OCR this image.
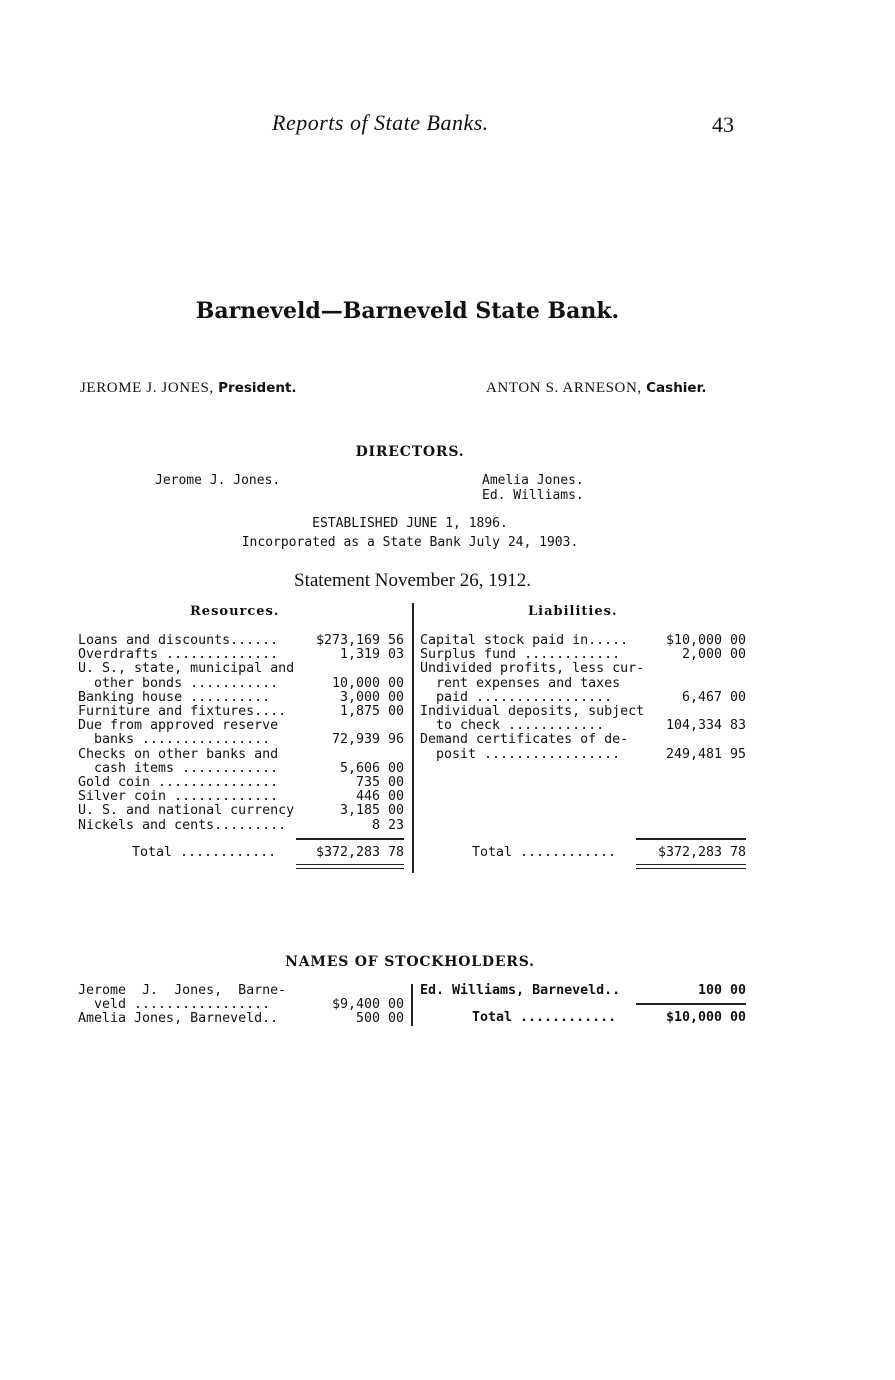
Reports of State Banks.	43
Barneveld—Barneveld State Bank.
JEROME J. JONES, President.	ANTON S. ARNESON, Cashier.
DIRECTORS.
Jerome J. Jones.	Amelia Jones.
Ed. Williams.
ESTABLISHED JUNE 1, 1896.
Incorporated as a State Bank July 24, 1903.
Statement November 26, 1912.
Resources.	Liabilities.
Loans and discounts......	$273,169 56
Overdrafts ..............	1,319 03
U. S., state, municipal and
other bonds ...........	10,000 00
Banking house ..........	3,000 00
Furniture and fixtures....	1,875 00
Due from approved reserve
banks ................	72,939 96
Checks on other banks and
cash items ............	5,606 00
Gold coin ...............	735 00
Silver coin .............	446 00
U. S. and national currency	3,185 00
Nickels and cents.........	8 23
Total ............	$372,283 78
Capital stock paid in.....	$10,000 00
Surplus fund ............	2,000 00
Undivided profits, less cur-
rent expenses and taxes
paid .................	6,467 00
Individual deposits, subject
to check ............	104,334 83
Demand certificates of de-
posit .................	249,481 95
Total ............	$372,283 78
NAMES OF STOCKHOLDERS.
Jerome  J.  Jones,  Barne-
veld .................	$9,400 00
Amelia Jones, Barneveld..	500 00
Ed. Williams, Barneveld..	100 00
Total ............	$10,000 00
